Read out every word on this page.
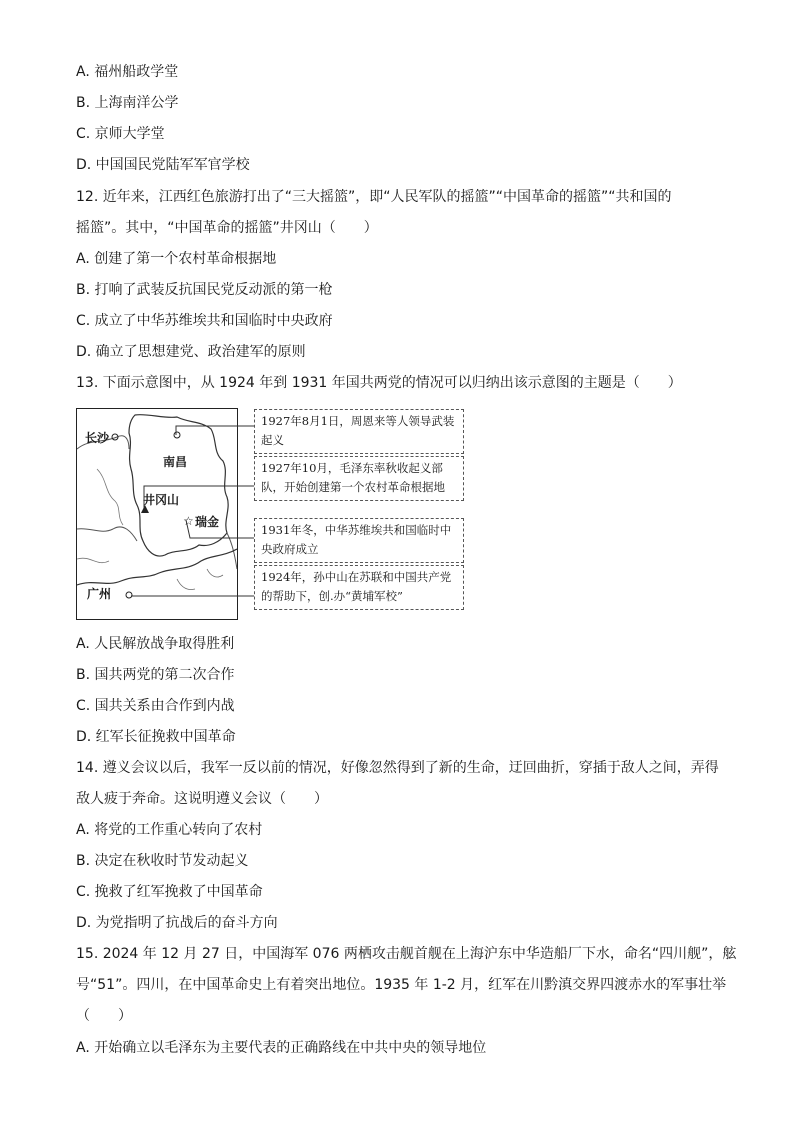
A. 福州船政学堂
B. 上海南洋公学
C. 京师大学堂
D. 中国国民党陆军军官学校
12. 近年来，江西红色旅游打出了“三大摇篮”，即“人民军队的摇篮”“中国革命的摇篮”“共和国的
摇篮”。其中，“中国革命的摇篮”井冈山（　　）
A. 创建了第一个农村革命根据地
B. 打响了武装反抗国民党反动派的第一枪
C. 成立了中华苏维埃共和国临时中央政府
D. 确立了思想建党、政治建军的原则
13. 下面示意图中，从 1924 年到 1931 年国共两党的情况可以归纳出该示意图的主题是（　　）
☆
长沙
南昌
井冈山
瑞金
广州
1927年8月1日，周恩来等人领导武装起义
1927年10月，毛泽东率秋收起义部队，开始创建第一个农村革命根据地
1931年冬，中华苏维埃共和国临时中央政府成立
1924年，孙中山在苏联和中国共产党的帮助下，创.办“黄埔军校”
A. 人民解放战争取得胜利
B. 国共两党的第二次合作
C. 国共关系由合作到内战
D. 红军长征挽救中国革命
14. 遵义会议以后，我军一反以前的情况，好像忽然得到了新的生命，迂回曲折，穿插于敌人之间，弄得
敌人疲于奔命。这说明遵义会议（　　）
A. 将党的工作重心转向了农村
B. 决定在秋收时节发动起义
C. 挽救了红军挽救了中国革命
D. 为党指明了抗战后的奋斗方向
15. 2024 年 12 月 27 日，中国海军 076 两栖攻击舰首舰在上海沪东中华造船厂下水，命名“四川舰”，舷
号“51”。四川，在中国革命史上有着突出地位。1935 年 1-2 月，红军在川黔滇交界四渡赤水的军事壮举
（　　）
A. 开始确立以毛泽东为主要代表的正确路线在中共中央的领导地位
